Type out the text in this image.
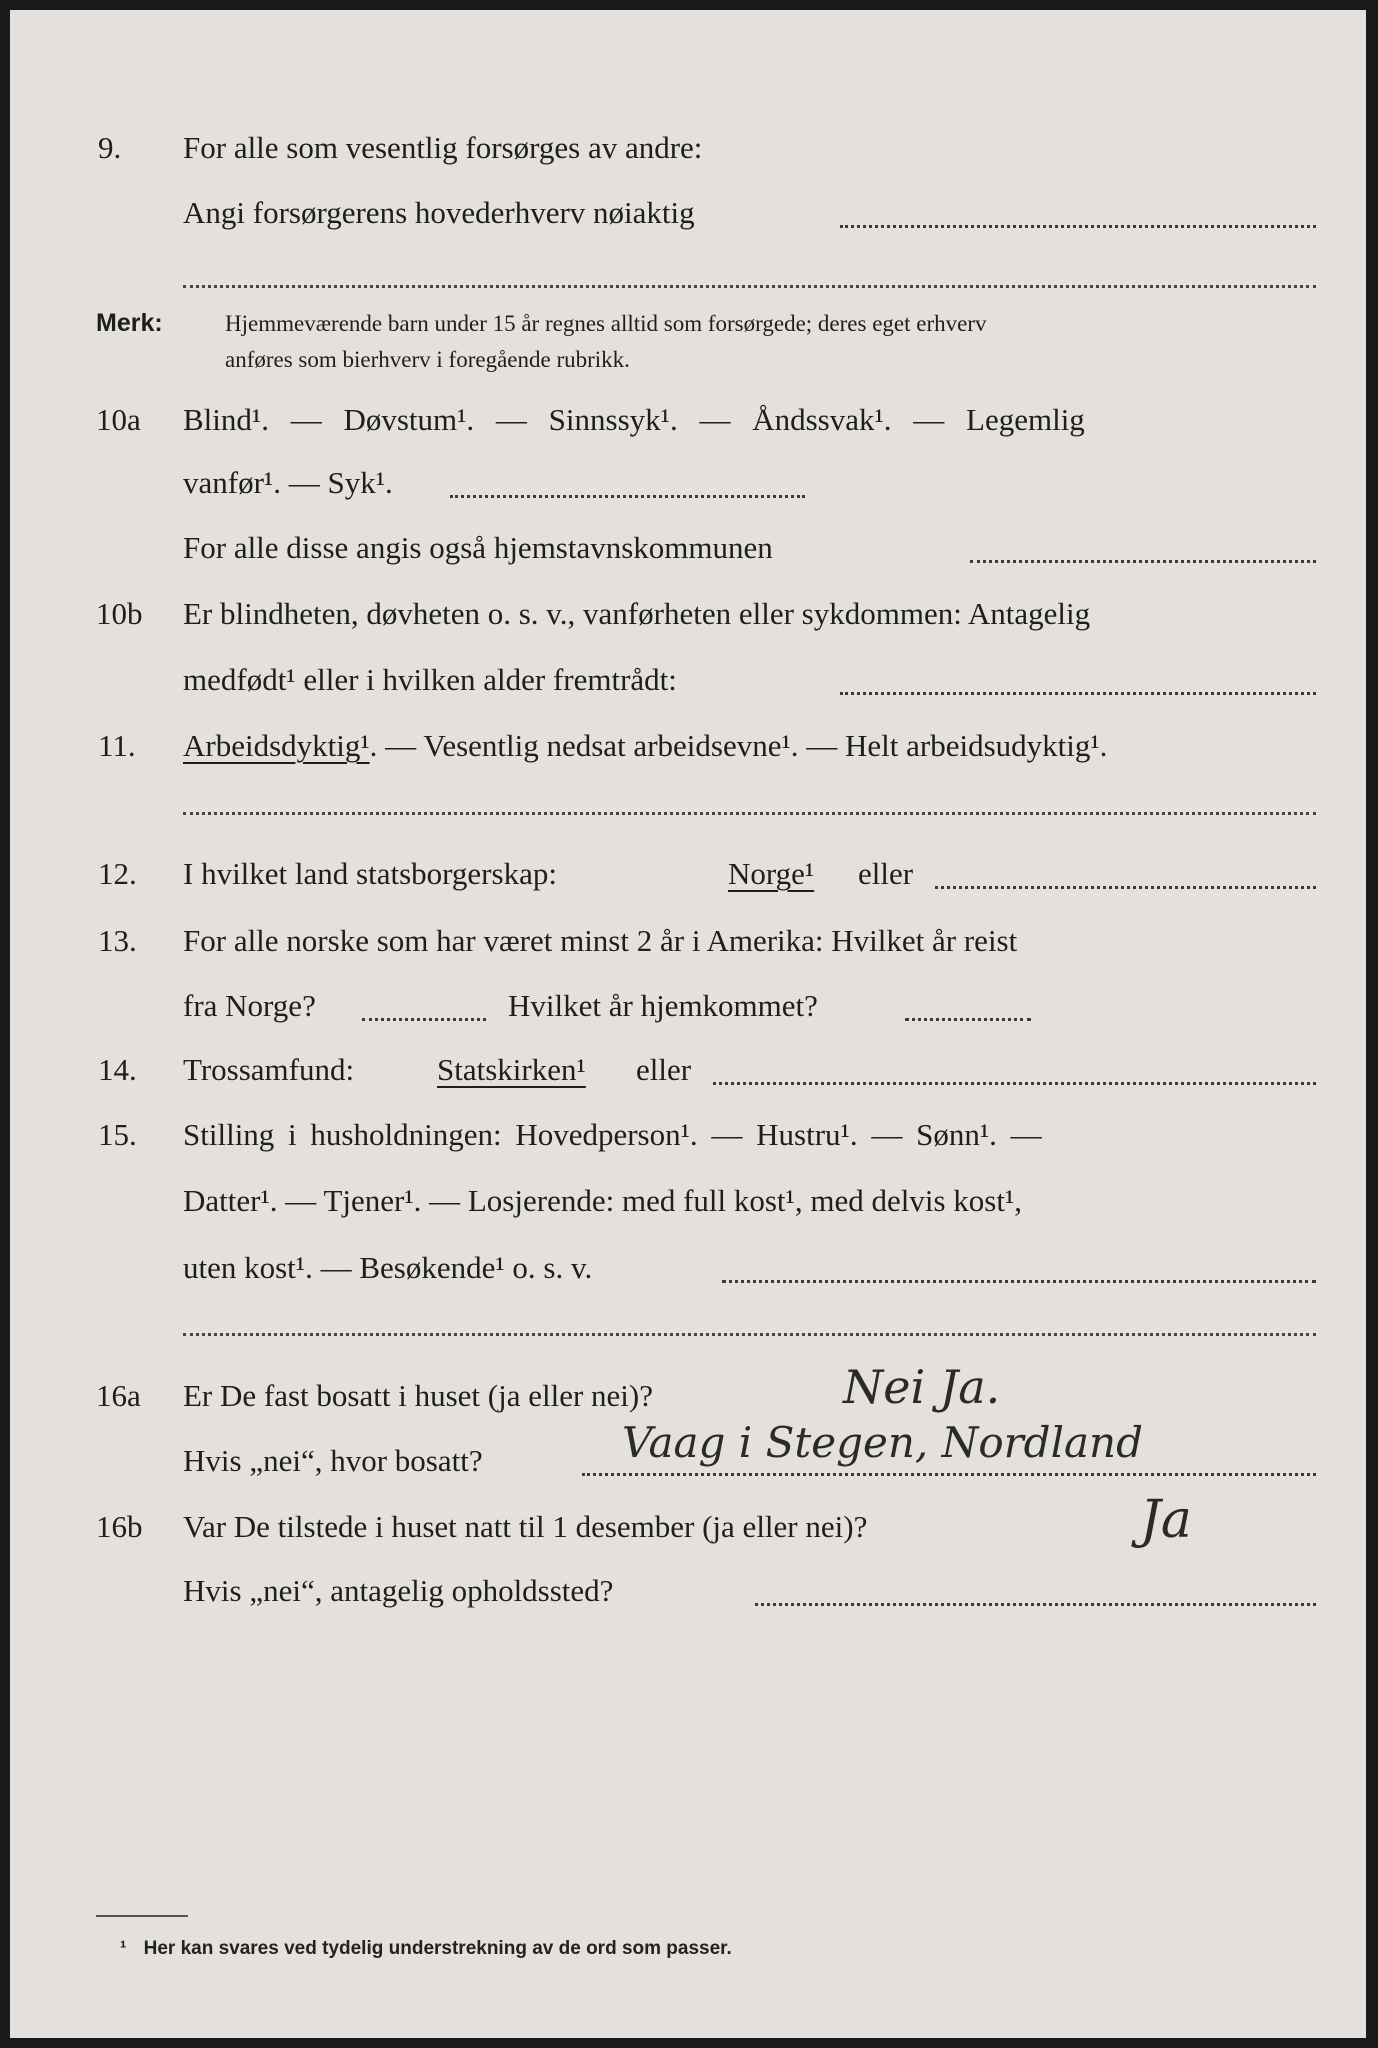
9. For alle som vesentlig forsørges av andre:
Angi forsørgerens hovederhverv nøiaktig
Merk:	Hjemmeværende barn under 15 år regnes alltid som forsørgede; deres eget erhverv
anføres som bierhverv i foregående rubrikk.
10a Blind¹. — Døvstum¹. — Sinnssyk¹. — Åndssvak¹. — Legemlig
vanfør¹. — Syk¹.
For alle disse angis også hjemstavnskommunen
10b Er blindheten, døvheten o. s. v., vanførheten eller sykdommen: Antagelig
medfødt¹ eller i hvilken alder fremtrådt:
11. Arbeidsdyktig¹. — Vesentlig nedsat arbeidsevne¹. — Helt arbeidsudyktig¹.
12. I hvilket land statsborgerskap:	Norge¹ eller
13. For alle norske som har været minst 2 år i Amerika: Hvilket år reist
fra Norge?	Hvilket år hjemkommet?
14. Trossamfund:	Statskirken¹ eller
15. Stilling i husholdningen: Hovedperson¹. — Hustru¹. — Sønn¹. —
Datter¹. — Tjener¹. — Losjerende: med full kost¹, med delvis kost¹,
uten kost¹. — Besøkende¹ o. s. v.
16a Er De fast bosatt i huset (ja eller nei)?	Nei Ja.
Hvis „nei“, hvor bosatt?	Vaag i Stegen, Nordland
16b Var De tilstede i huset natt til 1 desember (ja eller nei)?	Ja
Hvis „nei“, antagelig opholdssted?
¹ Her kan svares ved tydelig understrekning av de ord som passer.
